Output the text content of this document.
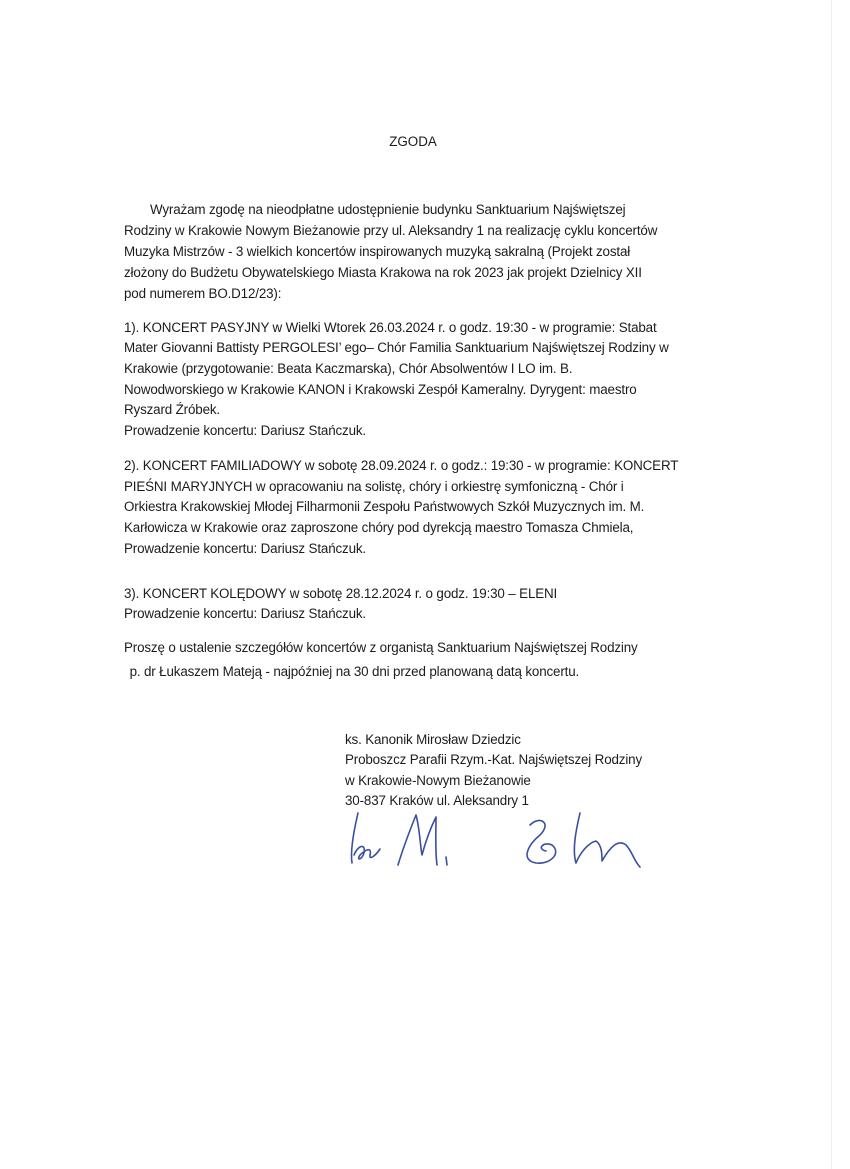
ZGODA
Wyrażam zgodę na nieodpłatne udostępnienie budynku Sanktuarium Najświętszej
Rodziny w Krakowie Nowym Bieżanowie przy ul. Aleksandry 1 na realizację cyklu koncertów
Muzyka Mistrzów - 3 wielkich koncertów inspirowanych muzyką sakralną (Projekt został
złożony do Budżetu Obywatelskiego Miasta Krakowa na rok 2023 jak projekt Dzielnicy XII
pod numerem BO.D12/23):
1). KONCERT PASYJNY w Wielki Wtorek 26.03.2024 r. o godz. 19:30 - w programie: Stabat
Mater Giovanni Battisty PERGOLESI’ ego– Chór Familia Sanktuarium Najświętszej Rodziny w
Krakowie (przygotowanie: Beata Kaczmarska), Chór Absolwentów I LO im. B.
Nowodworskiego w Krakowie KANON i Krakowski Zespół Kameralny. Dyrygent: maestro
Ryszard Źróbek.
Prowadzenie koncertu: Dariusz Stańczuk.
2). KONCERT FAMILIADOWY w sobotę 28.09.2024 r. o godz.: 19:30 - w programie: KONCERT
PIEŚNI MARYJNYCH w opracowaniu na solistę, chóry i orkiestrę symfoniczną - Chór i
Orkiestra Krakowskiej Młodej Filharmonii Zespołu Państwowych Szkół Muzycznych im. M.
Karłowicza w Krakowie oraz zaproszone chóry pod dyrekcją maestro Tomasza Chmiela,
Prowadzenie koncertu: Dariusz Stańczuk.
3). KONCERT KOLĘDOWY w sobotę 28.12.2024 r. o godz. 19:30 – ELENI
Prowadzenie koncertu: Dariusz Stańczuk.
Proszę o ustalenie szczegółów koncertów z organistą Sanktuarium Najświętszej Rodziny
p. dr Łukaszem Mateją - najpóźniej na 30 dni przed planowaną datą koncertu.
ks. Kanonik Mirosław Dziedzic
Proboszcz Parafii Rzym.-Kat. Najświętszej Rodziny
w Krakowie-Nowym Bieżanowie
30-837 Kraków ul. Aleksandry 1
